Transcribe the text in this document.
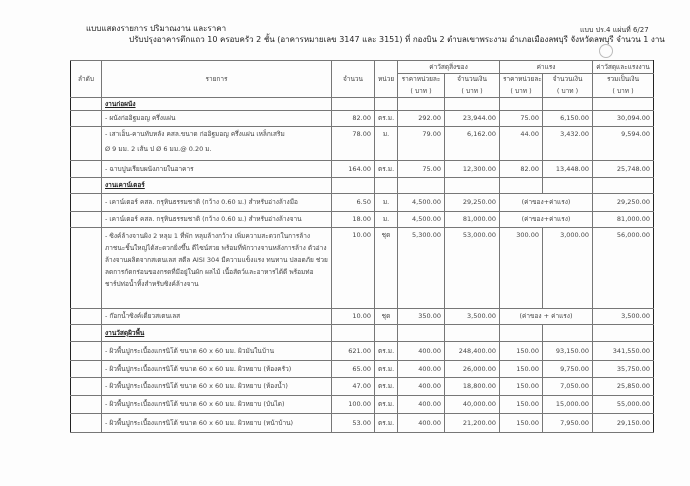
แบบแสดงรายการ ปริมาณงาน และราคา
ปรับปรุงอาคารตึกแถว 10 ครอบครัว 2 ชั้น (อาคารหมายเลข 3147 และ 3151) ที่ กองบิน 2 ตำบลเขาพระงาม อำเภอเมืองลพบุรี จังหวัดลพบุรี จำนวน 1 งาน
แบบ ปร.4 แผ่นที่ 6/27
ลำดับ	รายการ	จำนวน	หน่วย	ค่าวัสดุสิ่งของ		ค่าแรง		ค่าวัสดุและแรงงาน
				ราคาหน่วยละ	จำนวนเงิน	ราคาหน่วยละ	จำนวนเงิน	รวมเป็นเงิน
				( บาท )	( บาท )	( บาท )	( บาท )	( บาท )
	งานก่อผนัง							
	- ผนังก่ออิฐมอญ ครึ่งแผ่น	82.00	ตร.ม.	292.00	23,944.00	75.00	6,150.00	30,094.00

	- เสาเอ็น-คานทับหลัง คสล.ขนาด ก่ออิฐมอญ ครึ่งแผ่น เหล็กเสริม
Ø 9 มม. 2 เส้น ป Ø 6 มม.@ 0.20 ม.	78.00	ม.	79.00	6,162.00	44.00	3,432.00	9,594.00
	- ฉาบปูนเรียบผนังภายในอาคาร	164.00	ตร.ม.	75.00	12,300.00	82.00	13,448.00	25,748.00
	งานเคาน์เตอร์							
	- เคาน์เตอร์ คสล. กรุหินธรรมชาติ (กว้าง 0.60 ม.) สำหรับอ่างล้างมือ	6.50	ม.	4,500.00	29,250.00	(ค่าของ+ค่าแรง)		29,250.00
	- เคาน์เตอร์ คสล. กรุหินธรรมชาติ (กว้าง 0.60 ม.) สำหรับอ่างล้างจาน	18.00	ม.	4,500.00	81,000.00	(ค่าของ+ค่าแรง)		81,000.00
	- ซิงค์ล้างจานผิง 2 หลุม 1 ที่พัก หลุมล้างกว้าง เพิ่มความสะดวกในการล้างภาชนะชิ้นใหญ่ได้สะดวกยิ่งขึ้น ดีไซน์สวย พร้อมที่พักวางจานหลังการล้าง ตัวอ่างล้างจานผลิตจากสเตนเลส สตีล AISI 304 มีความแข็งแรง ทนทาน ปลอดภัย ช่วยลดการกัดกร่อนของกรดที่มีอยู่ในผัก ผลไม้ เนื้อสัตว์และอาหารได้ดี พร้อมท่อชาร์ปท่อน้ำทิ้งสำหรับซิงค์ล้างจาน	10.00	ชุด	5,300.00	53,000.00	300.00	3,000.00	56,000.00
	- ก๊อกน้ำซิงค์เดี่ยวสเตนเลส	10.00	ชุด	350.00	3,500.00	(ค่าของ + ค่าแรง)		3,500.00
	งานวัสดุผิวพื้น							
	- ผิวพื้นปูกระเบื้องแกรนิโต้ ขนาด 60 x 60 มม. ผิวมันในบ้าน	621.00	ตร.ม.	400.00	248,400.00	150.00	93,150.00	341,550.00
	- ผิวพื้นปูกระเบื้องแกรนิโต้ ขนาด 60 x 60 มม. ผิวหยาบ (ห้องครัว)	65.00	ตร.ม.	400.00	26,000.00	150.00	9,750.00	35,750.00
	- ผิวพื้นปูกระเบื้องแกรนิโต้ ขนาด 60 x 60 มม. ผิวหยาบ (ห้องน้ำ)	47.00	ตร.ม.	400.00	18,800.00	150.00	7,050.00	25,850.00
	- ผิวพื้นปูกระเบื้องแกรนิโต้ ขนาด 60 x 60 มม. ผิวหยาบ (บันได)	100.00	ตร.ม.	400.00	40,000.00	150.00	15,000.00	55,000.00
	- ผิวพื้นปูกระเบื้องแกรนิโต้ ขนาด 60 x 60 มม. ผิวหยาบ (หน้าบ้าน)	53.00	ตร.ม.	400.00	21,200.00	150.00	7,950.00	29,150.00
